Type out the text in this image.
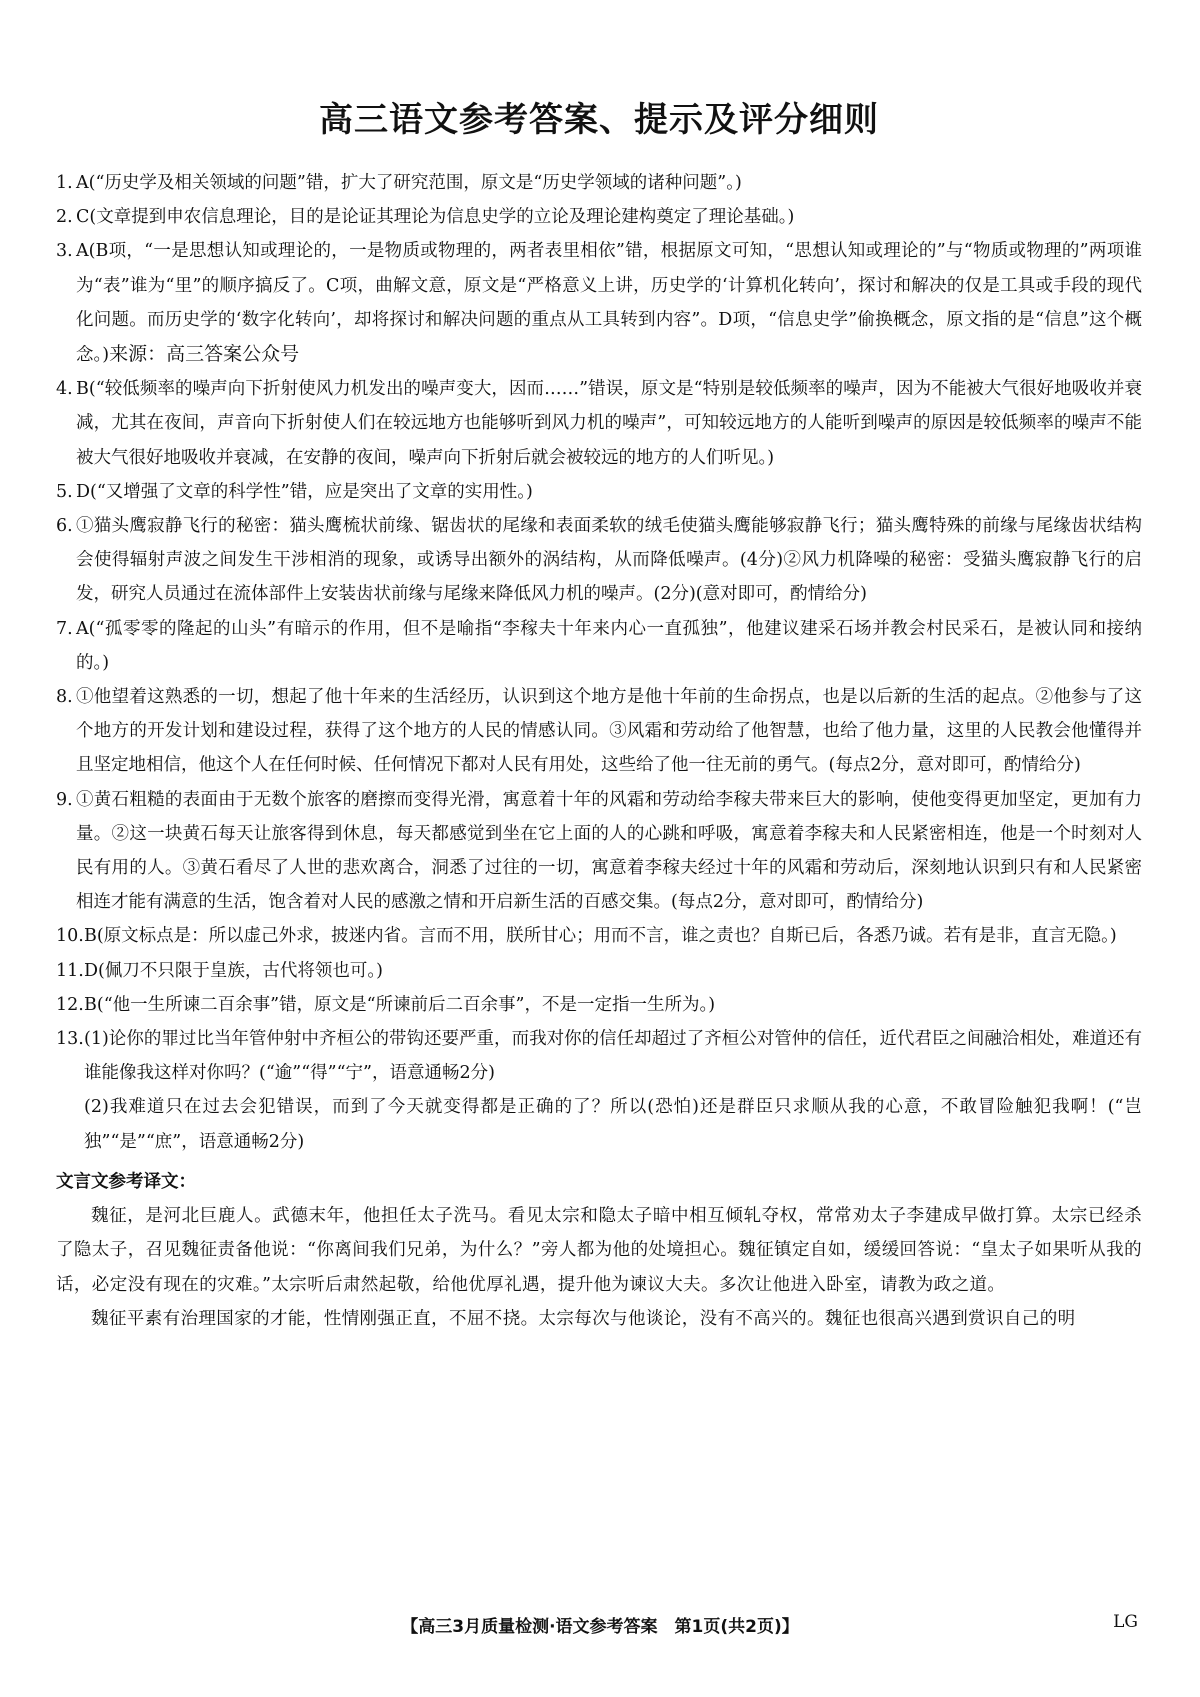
高三语文参考答案、提示及评分细则
1. A(“历史学及相关领域的问题”错，扩大了研究范围，原文是“历史学领域的诸种问题”。)
2. C(文章提到申农信息理论，目的是论证其理论为信息史学的立论及理论建构奠定了理论基础。)
3. A(B项，“一是思想认知或理论的，一是物质或物理的，两者表里相依”错，根据原文可知，“思想认知或理论的”与“物质或物理的”两项谁为“表”谁为“里”的顺序搞反了。C项，曲解文意，原文是“严格意义上讲，历史学的‘计算机化转向’，探讨和解决的仅是工具或手段的现代化问题。而历史学的‘数字化转向’，却将探讨和解决问题的重点从工具转到内容”。D项，“信息史学”偷换概念，原文指的是“信息”这个概念。)来源：高三答案公众号
4. B(“较低频率的噪声向下折射使风力机发出的噪声变大，因而……”错误，原文是“特别是较低频率的噪声，因为不能被大气很好地吸收并衰减，尤其在夜间，声音向下折射使人们在较远地方也能够听到风力机的噪声”，可知较远地方的人能听到噪声的原因是较低频率的噪声不能被大气很好地吸收并衰减，在安静的夜间，噪声向下折射后就会被较远的地方的人们听见。)
5. D(“又增强了文章的科学性”错，应是突出了文章的实用性。)
6. ①猫头鹰寂静飞行的秘密：猫头鹰梳状前缘、锯齿状的尾缘和表面柔软的绒毛使猫头鹰能够寂静飞行；猫头鹰特殊的前缘与尾缘齿状结构会使得辐射声波之间发生干涉相消的现象，或诱导出额外的涡结构，从而降低噪声。(4分)②风力机降噪的秘密：受猫头鹰寂静飞行的启发，研究人员通过在流体部件上安装齿状前缘与尾缘来降低风力机的噪声。(2分)(意对即可，酌情给分)
7. A(“孤零零的隆起的山头”有暗示的作用，但不是喻指“李稼夫十年来内心一直孤独”，他建议建采石场并教会村民采石，是被认同和接纳的。)
8. ①他望着这熟悉的一切，想起了他十年来的生活经历，认识到这个地方是他十年前的生命拐点，也是以后新的生活的起点。②他参与了这个地方的开发计划和建设过程，获得了这个地方的人民的情感认同。③风霜和劳动给了他智慧，也给了他力量，这里的人民教会他懂得并且坚定地相信，他这个人在任何时候、任何情况下都对人民有用处，这些给了他一往无前的勇气。(每点2分，意对即可，酌情给分)
9. ①黄石粗糙的表面由于无数个旅客的磨擦而变得光滑，寓意着十年的风霜和劳动给李稼夫带来巨大的影响，使他变得更加坚定，更加有力量。②这一块黄石每天让旅客得到休息，每天都感觉到坐在它上面的人的心跳和呼吸，寓意着李稼夫和人民紧密相连，他是一个时刻对人民有用的人。③黄石看尽了人世的悲欢离合，洞悉了过往的一切，寓意着李稼夫经过十年的风霜和劳动后，深刻地认识到只有和人民紧密相连才能有满意的生活，饱含着对人民的感激之情和开启新生活的百感交集。(每点2分，意对即可，酌情给分)
10. B(原文标点是：所以虚己外求，披迷内省。言而不用，朕所甘心；用而不言，谁之责也？自斯已后，各悉乃诚。若有是非，直言无隐。)
11. D(佩刀不只限于皇族，古代将领也可。)
12. B(“他一生所谏二百余事”错，原文是“所谏前后二百余事”，不是一定指一生所为。)
13. (1)论你的罪过比当年管仲射中齐桓公的带钩还要严重，而我对你的信任却超过了齐桓公对管仲的信任，近代君臣之间融洽相处，难道还有谁能像我这样对你吗？(“逾”“得”“宁”，语意通畅2分)
(2)我难道只在过去会犯错误，而到了今天就变得都是正确的了？所以(恐怕)还是群臣只求顺从我的心意，不敢冒险触犯我啊！(“岂独”“是”“庶”，语意通畅2分)
文言文参考译文：
魏征，是河北巨鹿人。武德末年，他担任太子洗马。看见太宗和隐太子暗中相互倾轧夺权，常常劝太子李建成早做打算。太宗已经杀了隐太子，召见魏征责备他说：“你离间我们兄弟，为什么？”旁人都为他的处境担心。魏征镇定自如，缓缓回答说：“皇太子如果听从我的话，必定没有现在的灾难。”太宗听后肃然起敬，给他优厚礼遇，提升他为谏议大夫。多次让他进入卧室，请教为政之道。
魏征平素有治理国家的才能，性情刚强正直，不屈不挠。太宗每次与他谈论，没有不高兴的。魏征也很高兴遇到赏识自己的明
【高三3月质量检测·语文参考答案　第1页(共2页)】	LG
